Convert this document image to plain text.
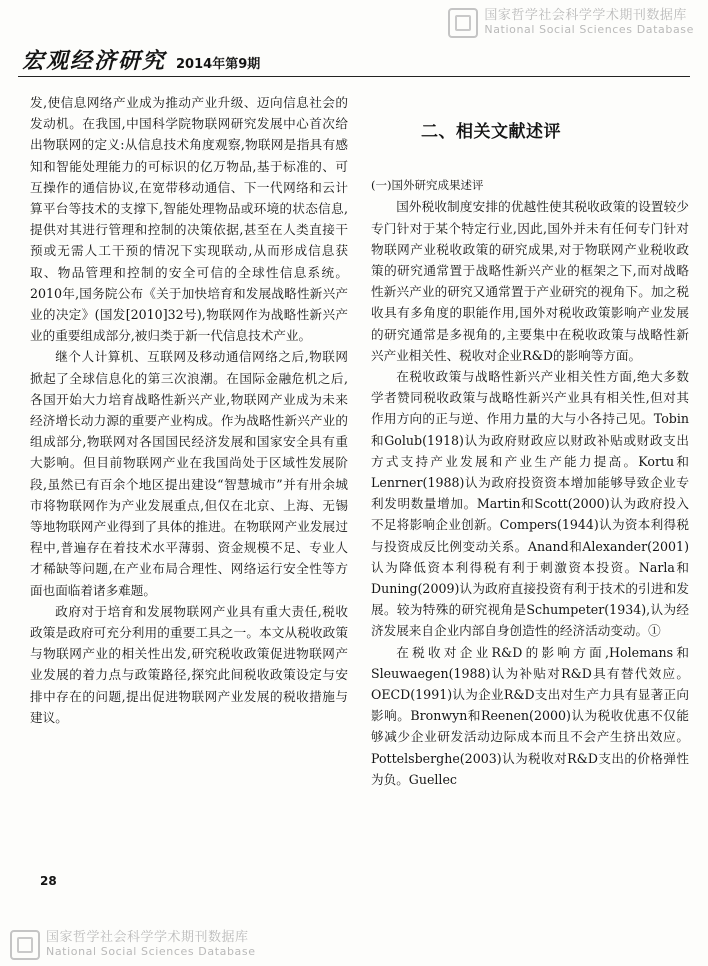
国家哲学社会科学学术期刊数据库
National Social Sciences Database
宏观经济研究 2014年第9期

发,使信息网络产业成为推动产业升级、迈向信息社会的发动机。在我国,中国科学院物联网研究发展中心首次给出物联网的定义:从信息技术角度观察,物联网是指具有感知和智能处理能力的可标识的亿万物品,基于标准的、可互操作的通信协议,在宽带移动通信、下一代网络和云计算平台等技术的支撑下,智能处理物品或环境的状态信息,提供对其进行管理和控制的决策依据,甚至在人类直接干预或无需人工干预的情况下实现联动,从而形成信息获取、物品管理和控制的安全可信的全球性信息系统。2010年,国务院公布《关于加快培育和发展战略性新兴产业的决定》(国发[2010]32号),物联网作为战略性新兴产业的重要组成部分,被归类于新一代信息技术产业。

继个人计算机、互联网及移动通信网络之后,物联网掀起了全球信息化的第三次浪潮。在国际金融危机之后,各国开始大力培育战略性新兴产业,物联网产业成为未来经济增长动力源的重要产业构成。作为战略性新兴产业的组成部分,物联网对各国国民经济发展和国家安全具有重大影响。但目前物联网产业在我国尚处于区域性发展阶段,虽然已有百余个地区提出建设“智慧城市”并有卅余城市将物联网作为产业发展重点,但仅在北京、上海、无锡等地物联网产业得到了具体的推进。在物联网产业发展过程中,普遍存在着技术水平薄弱、资金规模不足、专业人才稀缺等问题,在产业布局合理性、网络运行安全性等方面也面临着诸多难题。

政府对于培育和发展物联网产业具有重大责任,税收政策是政府可充分利用的重要工具之一。本文从税收政策与物联网产业的相关性出发,研究税收政策促进物联网产业发展的着力点与政策路径,探究此间税收政策设定与安排中存在的问题,提出促进物联网产业发展的税收措施与建议。

二、相关文献述评

(一)国外研究成果述评

国外税收制度安排的优越性使其税收政策的设置较少专门针对于某个特定行业,因此,国外并未有任何专门针对物联网产业税收政策的研究成果,对于物联网产业税收政策的研究通常置于战略性新兴产业的框架之下,而对战略性新兴产业的研究又通常置于产业研究的视角下。加之税收具有多角度的职能作用,国外对税收政策影响产业发展的研究通常是多视角的,主要集中在税收政策与战略性新兴产业相关性、税收对企业R&D的影响等方面。

在税收政策与战略性新兴产业相关性方面,绝大多数学者赞同税收政策与战略性新兴产业具有相关性,但对其作用方向的正与逆、作用力量的大与小各持己见。Tobin和Golub(1918)认为政府财政应以财政补贴或财政支出方式支持产业发展和产业生产能力提高。Kortu和Lenrner(1988)认为政府投资资本增加能够导致企业专利发明数量增加。Martin和Scott(2000)认为政府投入不足将影响企业创新。Compers(1944)认为资本利得税与投资成反比例变动关系。Anand和Alexander(2001)认为降低资本利得税有利于刺激资本投资。Narla和Duning(2009)认为政府直接投资有利于技术的引进和发展。较为特殊的研究视角是Schumpeter(1934),认为经济发展来自企业内部自身创造性的经济活动变动。①

在税收对企业R&D的影响方面,Holemans和Sleuwaegen(1988)认为补贴对R&D具有替代效应。OECD(1991)认为企业R&D支出对生产力具有显著正向影响。Bronwyn和Reenen(2000)认为税收优惠不仅能够减少企业研发活动边际成本而且不会产生挤出效应。Pottelsberghe(2003)认为税收对R&D支出的价格弹性为负。Guellec

28
国家哲学社会科学学术期刊数据库
National Social Sciences Database
